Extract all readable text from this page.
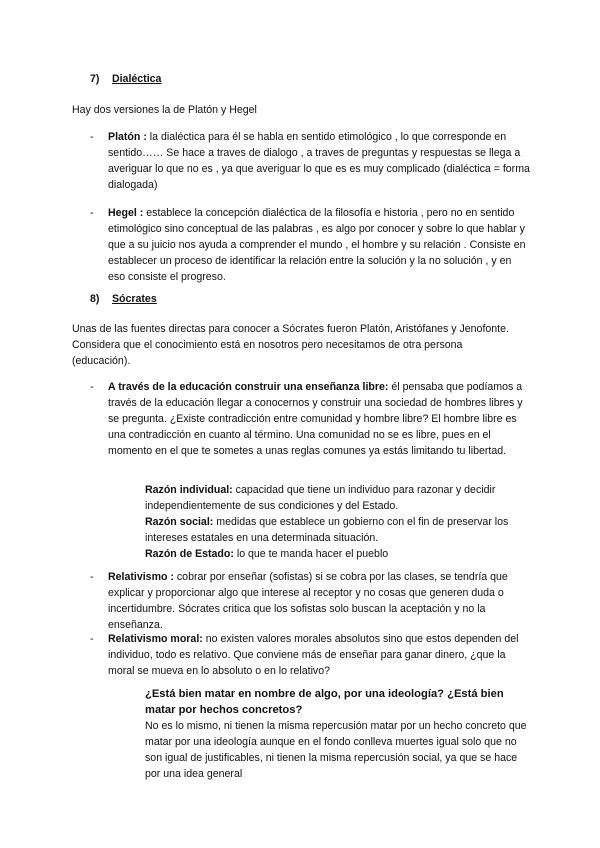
7) Dialéctica

Hay dos versiones la de Platón y Hegel

- Platón : la dialéctica para él se habla en sentido etimológico , lo que corresponde en sentido…… Se hace a traves de dialogo , a traves de preguntas y respuestas se llega a averiguar lo que no es , ya que averiguar lo que es es muy complicado (dialéctica = forma dialogada)

- Hegel : establece la concepción dialéctica de la filosofía e historia , pero no en sentido etimológico sino conceptual de las palabras , es algo por conocer y sobre lo que hablar y que a su juicio nos ayuda a comprender el mundo , el hombre y su relación . Consiste en establecer un proceso de identificar la relación entre la solución y la no solución , y en eso consiste el progreso.

8) Sócrates

Unas de las fuentes directas para conocer a Sócrates fueron Platón, Aristófanes y Jenofonte. Considera que el conocimiento está en nosotros pero necesitamos de otra persona (educación).

- A través de la educación construir una enseñanza libre: él pensaba que podíamos a través de la educación llegar a conocernos y construir una sociedad de hombres libres y se pregunta. ¿Existe contradicción entre comunidad y hombre libre? El hombre libre es una contradicción en cuanto al término. Una comunidad no se es libre, pues en el momento en el que te sometes a unas reglas comunes ya estás limitando tu libertad.

Razón individual: capacidad que tiene un individuo para razonar y decidir independientemente de sus condiciones y del Estado.

Razón social: medidas que establece un gobierno con el fin de preservar los intereses estatales en una determinada situación.

Razón de Estado: lo que te manda hacer el pueblo

- Relativismo : cobrar por enseñar (sofistas) si se cobra por las clases, se tendría que explicar y proporcionar algo que interese al receptor y no cosas que generen duda o incertidumbre. Sócrates critica que los sofistas solo buscan la aceptación y no la enseñanza.

- Relativismo moral: no existen valores morales absolutos sino que estos dependen del individuo, todo es relativo. Que conviene más de enseñar para ganar dinero, ¿que la moral se mueva en lo absoluto o en lo relativo?

¿Está bien matar en nombre de algo, por una ideología? ¿Está bien matar por hechos concretos?

No es lo mismo, ni tienen la misma repercusión matar por un hecho concreto que matar por una ideología aunque en el fondo conlleva muertes igual solo que no son igual de justificables, ni tienen la misma repercusión social, ya que se hace por una idea general
